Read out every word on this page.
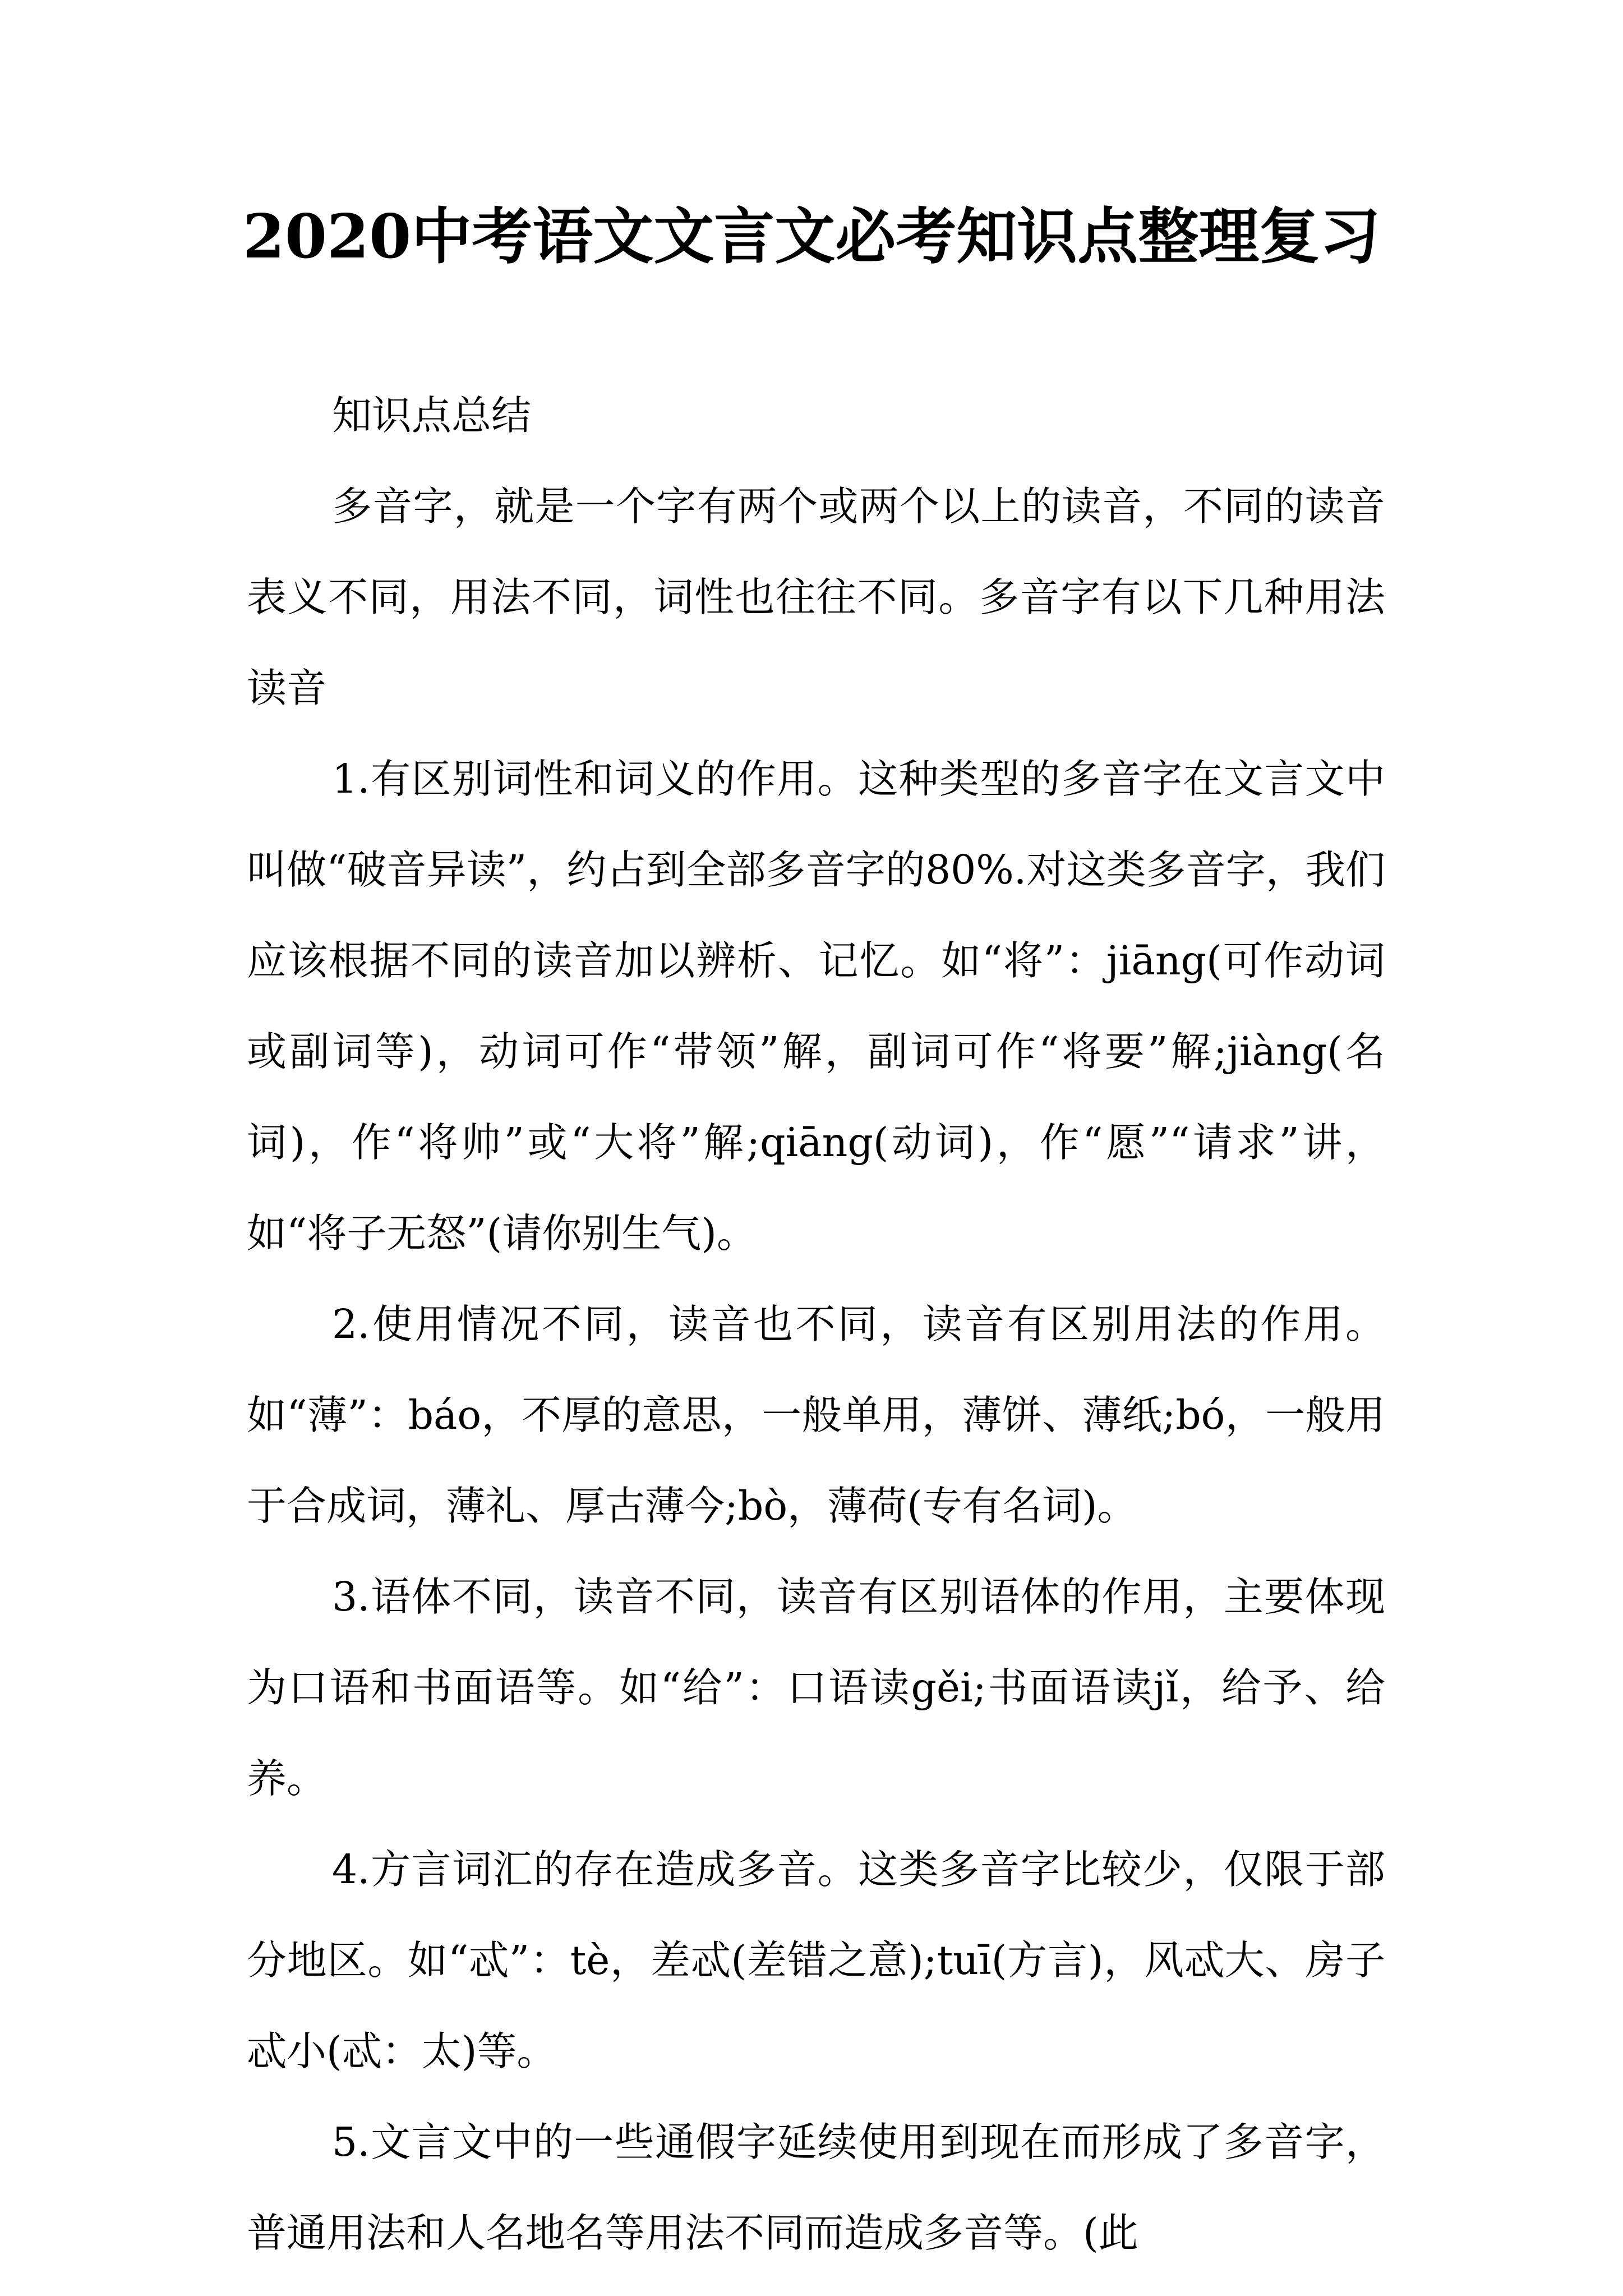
2020中考语文文言文必考知识点整理复习

知识点总结

多音字，就是一个字有两个或两个以上的读音，不同的读音表义不同，用法不同，词性也往往不同。多音字有以下几种用法读音

1.有区别词性和词义的作用。这种类型的多音字在文言文中叫做“破音异读”，约占到全部多音字的80%.对这类多音字，我们应该根据不同的读音加以辨析、记忆。如“将”：jiāng(可作动词或副词等)，动词可作“带领”解，副词可作“将要”解;jiàng(名词)，作“将帅”或“大将”解;qiāng(动词)，作“愿”“请求”讲，如“将子无怒”(请你别生气)。

2.使用情况不同，读音也不同，读音有区别用法的作用。如“薄”：báo，不厚的意思，一般单用，薄饼、薄纸;bó，一般用于合成词，薄礼、厚古薄今;bò，薄荷(专有名词)。

3.语体不同，读音不同，读音有区别语体的作用，主要体现为口语和书面语等。如“给”：口语读gěi;书面语读jǐ，给予、给养。

4.方言词汇的存在造成多音。这类多音字比较少，仅限于部分地区。如“忒”：tè，差忒(差错之意);tuī(方言)，风忒大、房子忒小(忒：太)等。

5.文言文中的一些通假字延续使用到现在而形成了多音字，普通用法和人名地名等用法不同而造成多音等。(此
